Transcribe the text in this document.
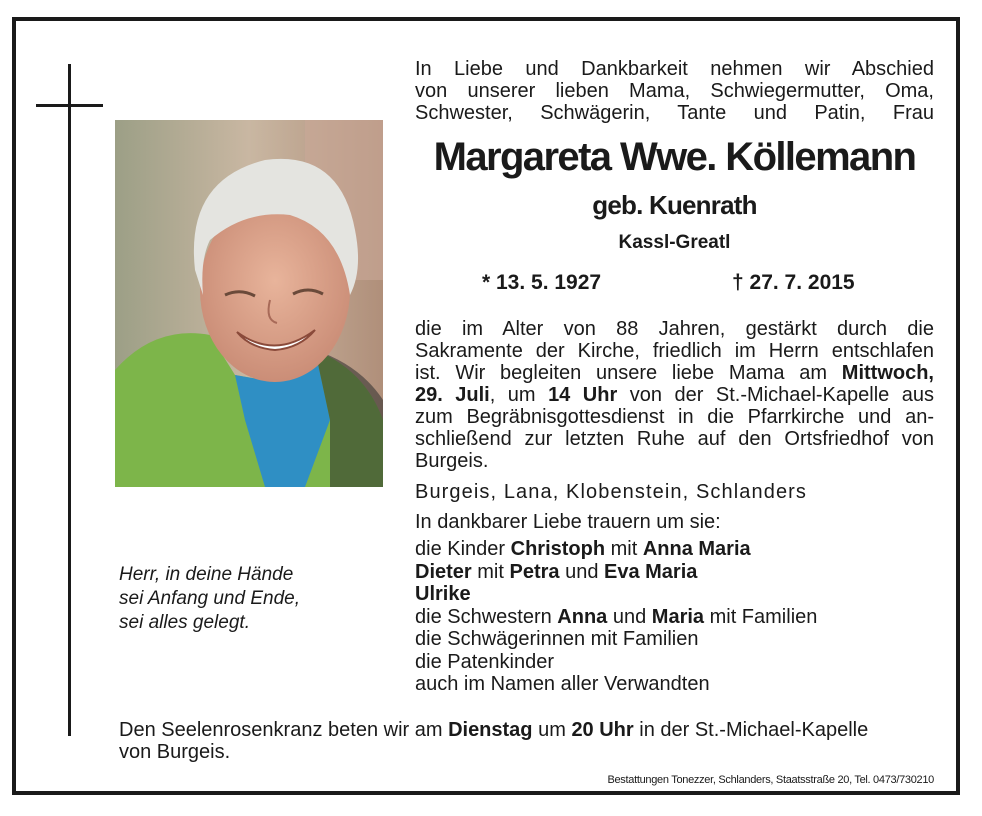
Herr, in deine Hände
sei Anfang und Ende,
sei alles gelegt.
In Liebe und Dankbarkeit nehmen wir Abschied
von unserer lieben Mama, Schwiegermutter, Oma,
Schwester, Schwägerin, Tante und Patin, Frau
Margareta Wwe. Köllemann
geb. Kuenrath
Kassl-Greatl
* 13. 5. 1927	† 27. 7. 2015
die im Alter von 88 Jahren, gestärkt durch die
Sakramente der Kirche, friedlich im Herrn entschlafen
ist. Wir begleiten unsere liebe Mama am Mittwoch,
29. Juli, um 14 Uhr von der St.-Michael-Kapelle aus
zum Begräbnisgottesdienst in die Pfarrkirche und an-
schließend zur letzten Ruhe auf den Ortsfriedhof von
Burgeis.
Burgeis, Lana, Klobenstein, Schlanders
In dankbarer Liebe trauern um sie:
die Kinder Christoph mit Anna Maria
Dieter mit Petra und Eva Maria
Ulrike
die Schwestern Anna und Maria mit Familien
die Schwägerinnen mit Familien
die Patenkinder
auch im Namen aller Verwandten
Den Seelenrosenkranz beten wir am Dienstag um 20 Uhr in der St.-Michael-Kapelle
von Burgeis.
Bestattungen Tonezzer, Schlanders, Staatsstraße 20, Tel. 0473/730210
